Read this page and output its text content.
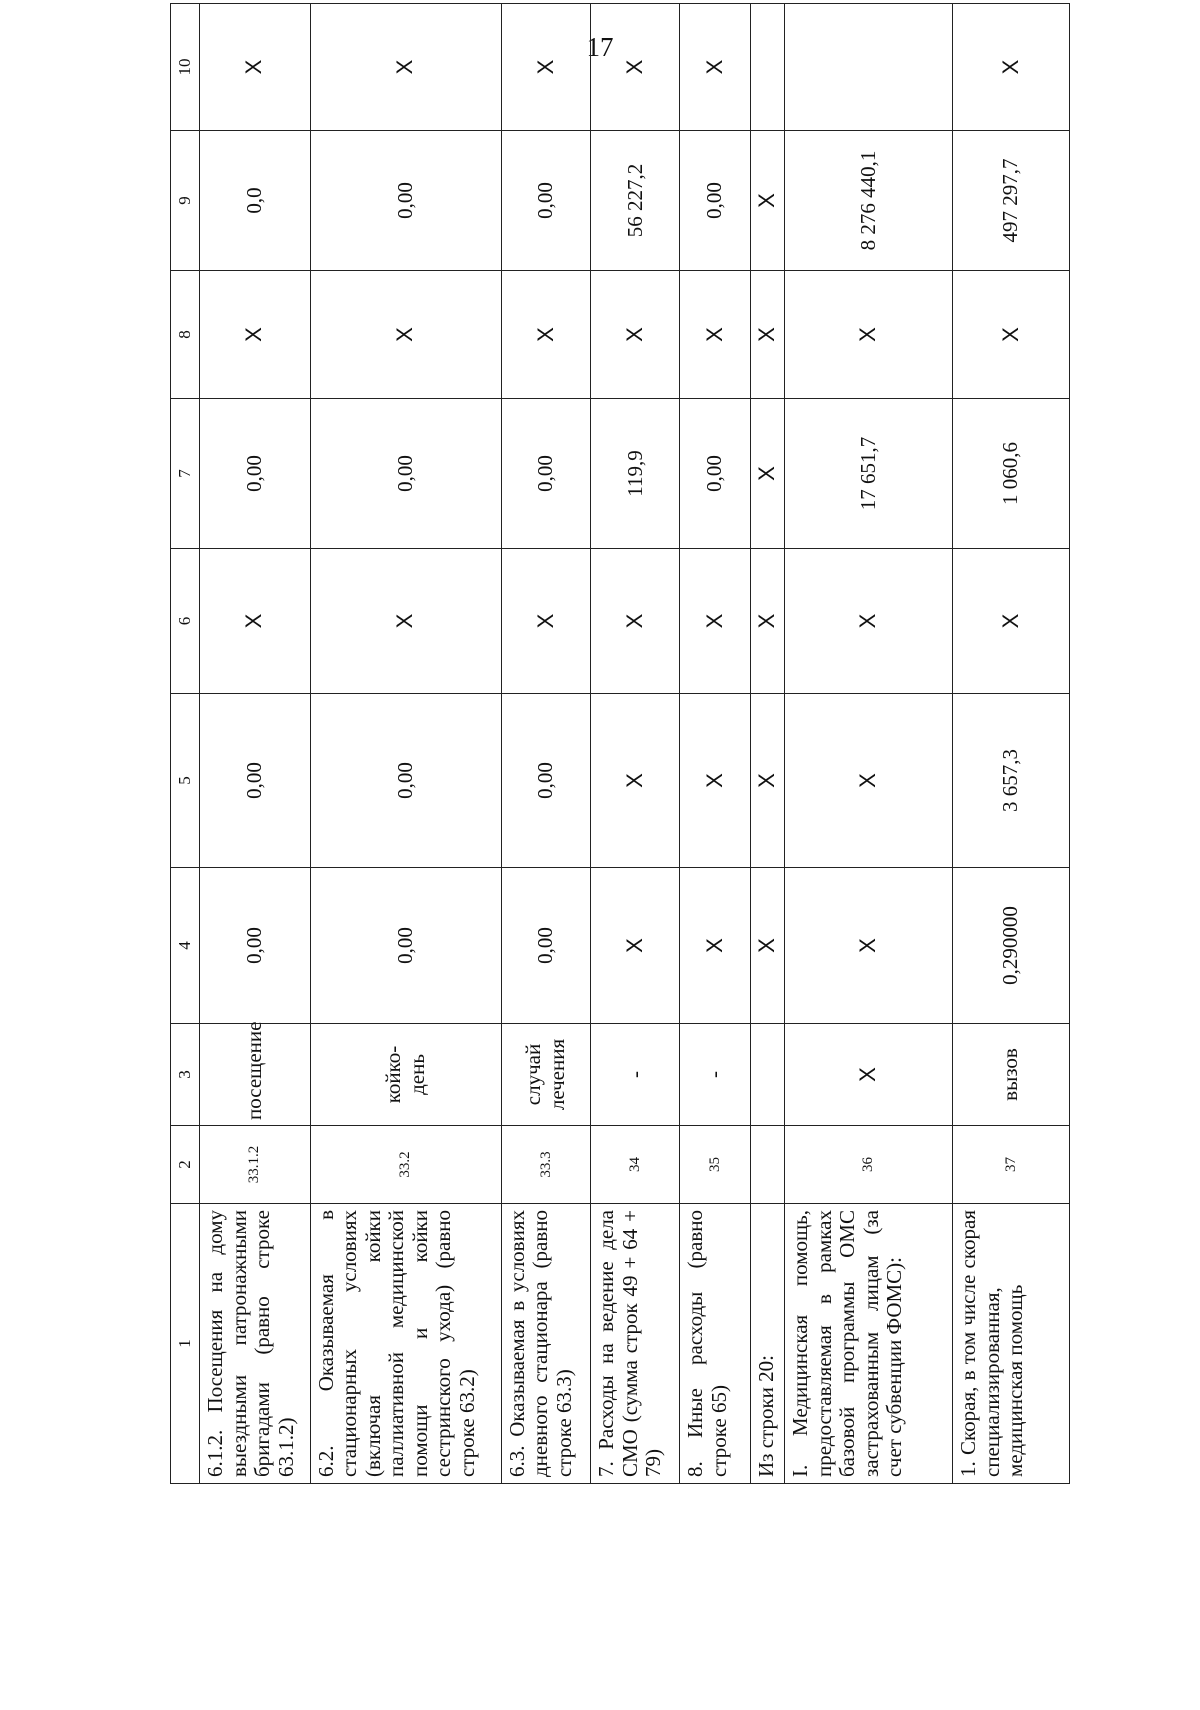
17
1	2	3	4	5	6	7	8	9	10
6.1.2. Посещения на дому выездными патронажными бригадами (равно строке 63.1.2)	33.1.2	посещение	0,00	0,00	X	0,00	X	0,0	X
6.2. Оказываемая в стационарных условиях (включая койки паллиативной медицинской помощи и койки сестринского ухода) (равно строке 63.2)	33.2	койко-день	0,00	0,00	X	0,00	X	0,00	X
6.3. Оказываемая в условиях дневного стационара (равно строке 63.3)	33.3	случай лечения	0,00	0,00	X	0,00	X	0,00	X
7. Расходы на ведение дела СМО (сумма строк 49 + 64 + 79)	34	-	X	X	X	119,9	X	56 227,2	X
8. Иные расходы (равно строке 65)	35	-	X	X	X	0,00	X	0,00	X
Из строки 20:			X	X	X	X	X	X	
I. Медицинская помощь, предоставляемая в рамках базовой программы ОМС застрахованным лицам (за счет субвенции ФОМС):	36	X	X	X	X	17 651,7	X	8 276 440,1	
1. Скорая, в том числе скорая специализированная, медицинская помощь	37	вызов	0,290000	3 657,3	X	1 060,6	X	497 297,7	X
